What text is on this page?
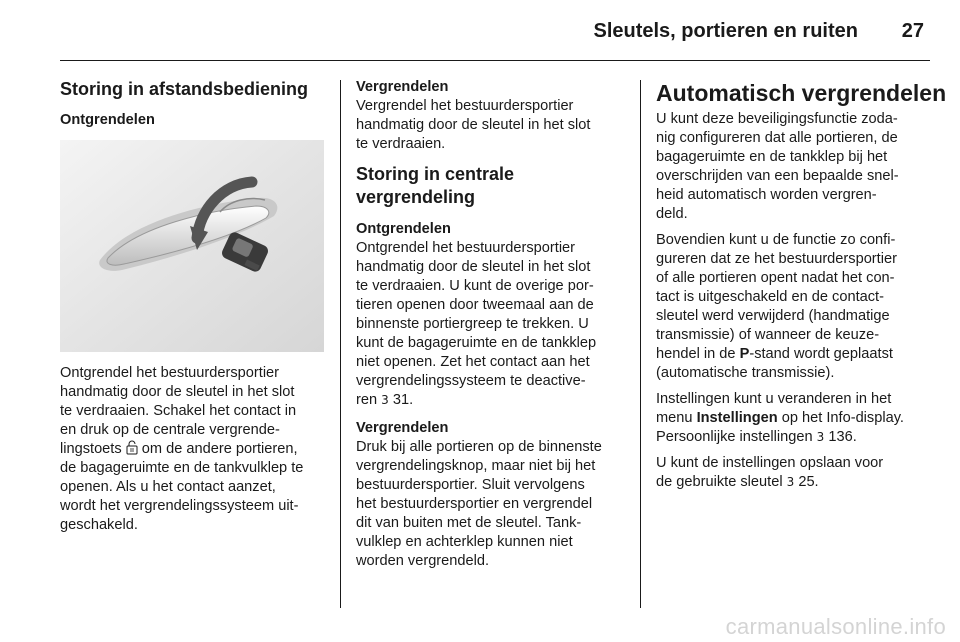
Sleutels, portieren en ruiten 27
Storing in afstandsbediening
Ontgrendelen
Ontgrendel het bestuurdersportier
handmatig door de sleutel in het slot
te verdraaien. Schakel het contact in
en druk op de centrale vergrende-
lingstoets om de andere portieren,
de bagageruimte en de tankvulklep te
openen. Als u het contact aanzet,
wordt het vergrendelingssysteem uit-
geschakeld.
Vergrendelen
Vergrendel het bestuurdersportier
handmatig door de sleutel in het slot
te verdraaien.
Storing in centrale
vergrendeling
Ontgrendelen
Ontgrendel het bestuurdersportier
handmatig door de sleutel in het slot
te verdraaien. U kunt de overige por-
tieren openen door tweemaal aan de
binnenste portiergreep te trekken. U
kunt de bagageruimte en de tankklep
niet openen. Zet het contact aan het
vergrendelingssysteem te deactive-
ren 3 31.
Vergrendelen
Druk bij alle portieren op de binnenste
vergrendelingsknop, maar niet bij het
bestuurdersportier. Sluit vervolgens
het bestuurdersportier en vergrendel
dit van buiten met de sleutel. Tank-
vulklep en achterklep kunnen niet
worden vergrendeld.
Automatisch vergrendelen
U kunt deze beveiligingsfunctie zoda-
nig configureren dat alle portieren, de
bagageruimte en de tankklep bij het
overschrijden van een bepaalde snel-
heid automatisch worden vergren-
deld.
Bovendien kunt u de functie zo confi-
gureren dat ze het bestuurdersportier
of alle portieren opent nadat het con-
tact is uitgeschakeld en de contact-
sleutel werd verwijderd (handmatige
transmissie) of wanneer de keuze-
hendel in de P-stand wordt geplaatst
(automatische transmissie).
Instellingen kunt u veranderen in het
menu Instellingen op het Info-display.
Persoonlijke instellingen 3 136.
U kunt de instellingen opslaan voor
de gebruikte sleutel 3 25.
carmanualsonline.info
